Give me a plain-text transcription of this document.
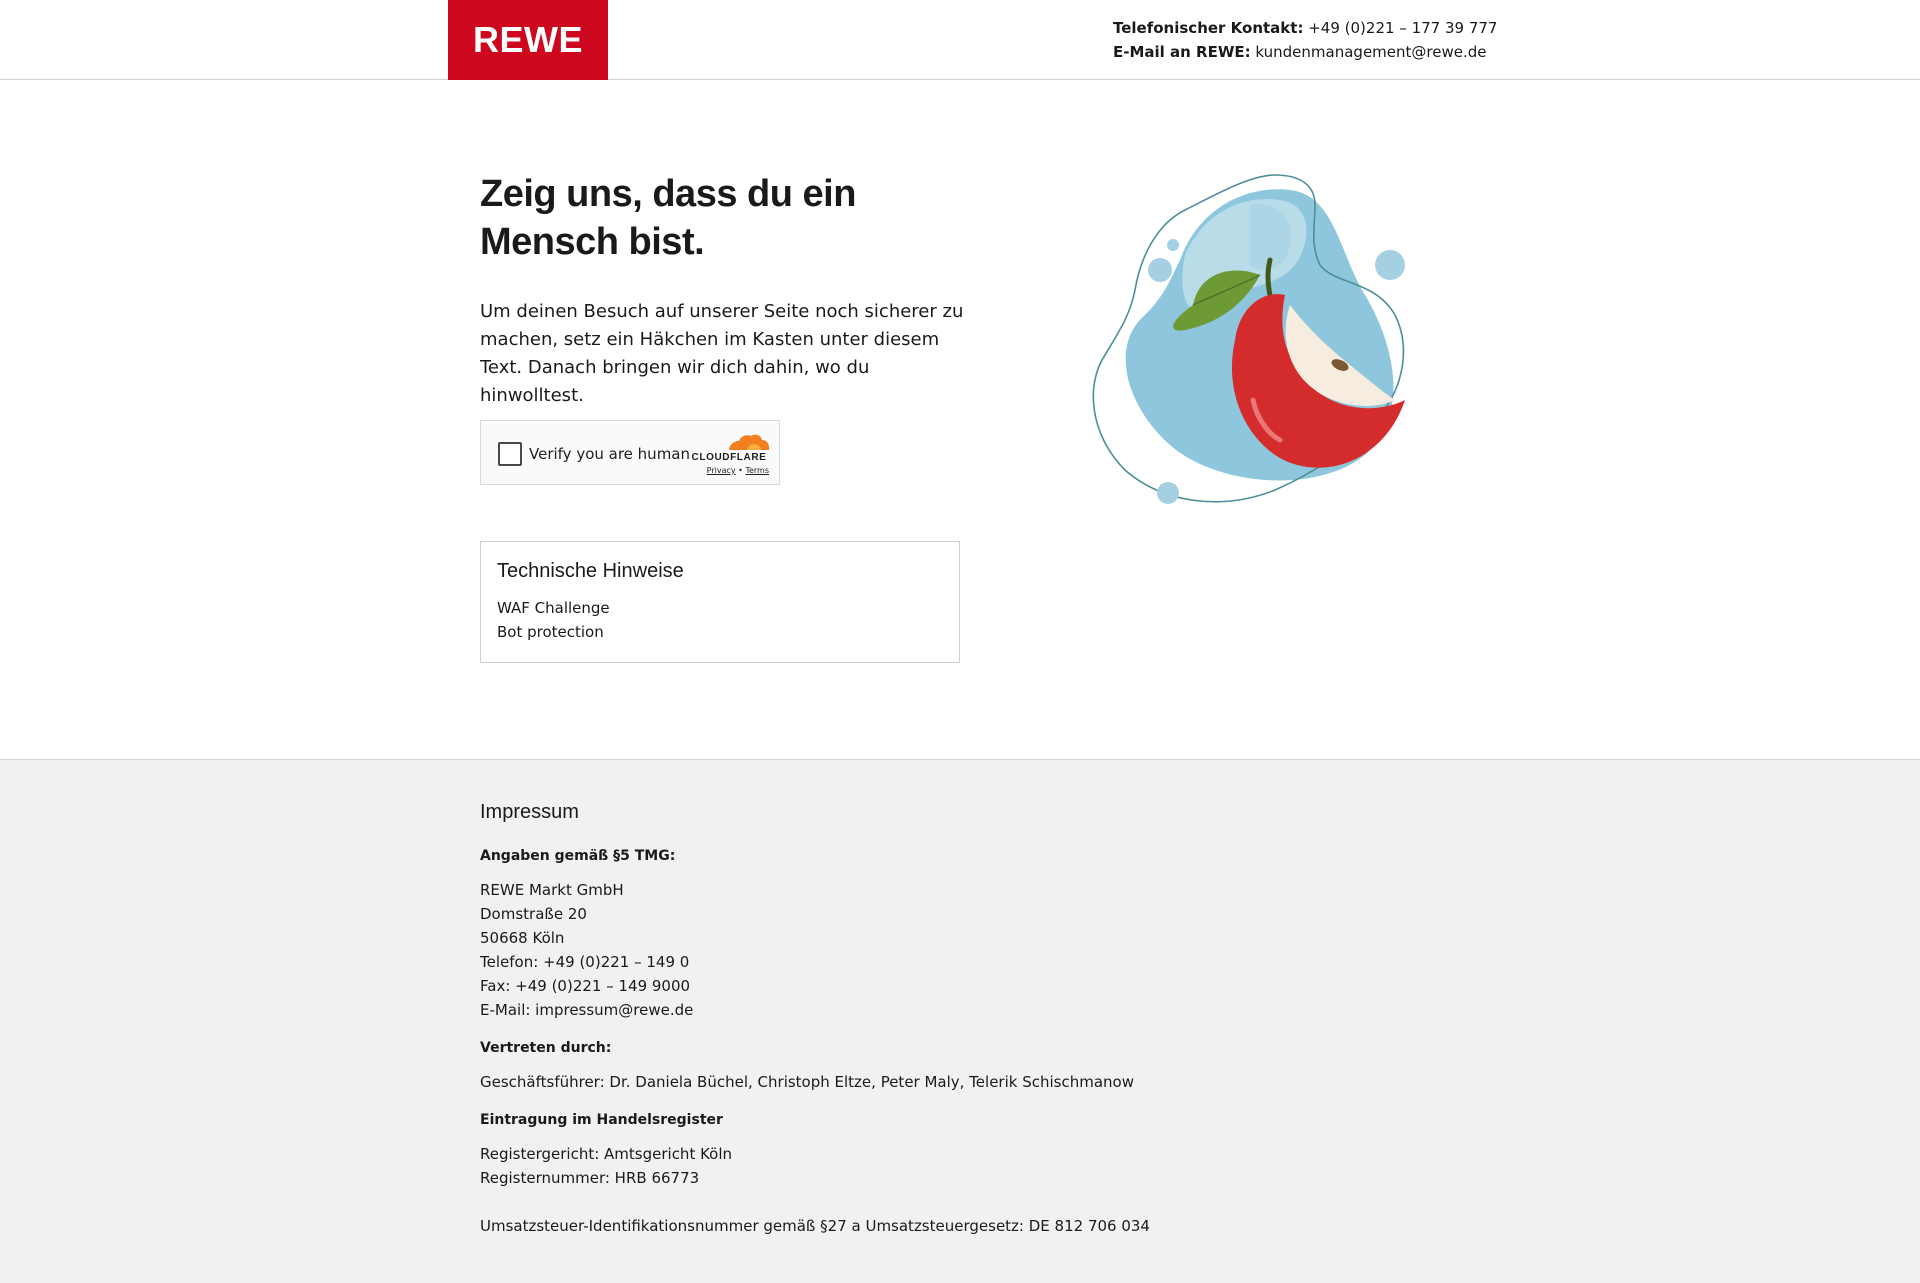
REWE	Telefonischer Kontakt: +49 (0)221 – 177 39 777
E-Mail an REWE: kundenmanagement@rewe.de
Zeig uns, dass du ein Mensch bist.

Um deinen Besuch auf unserer Seite noch sicherer zu machen, setz ein Häkchen im Kasten unter diesem Text. Danach bringen wir dich dahin, wo du hinwolltest.

Verify you are human CLOUDFLARE
Privacy • Terms
Technische Hinweise
WAF Challenge
Bot protection
Impressum
Angaben gemäß §5 TMG:
REWE Markt GmbH
Domstraße 20
50668 Köln
Telefon: +49 (0)221 – 149 0
Fax: +49 (0)221 – 149 9000
E-Mail: impressum@rewe.de
Vertreten durch:
Geschäftsführer: Dr. Daniela Büchel, Christoph Eltze, Peter Maly, Telerik Schischmanow
Eintragung im Handelsregister
Registergericht: Amtsgericht Köln
Registernummer: HRB 66773
Umsatzsteuer-Identifikationsnummer gemäß §27 a Umsatzsteuergesetz: DE 812 706 034
